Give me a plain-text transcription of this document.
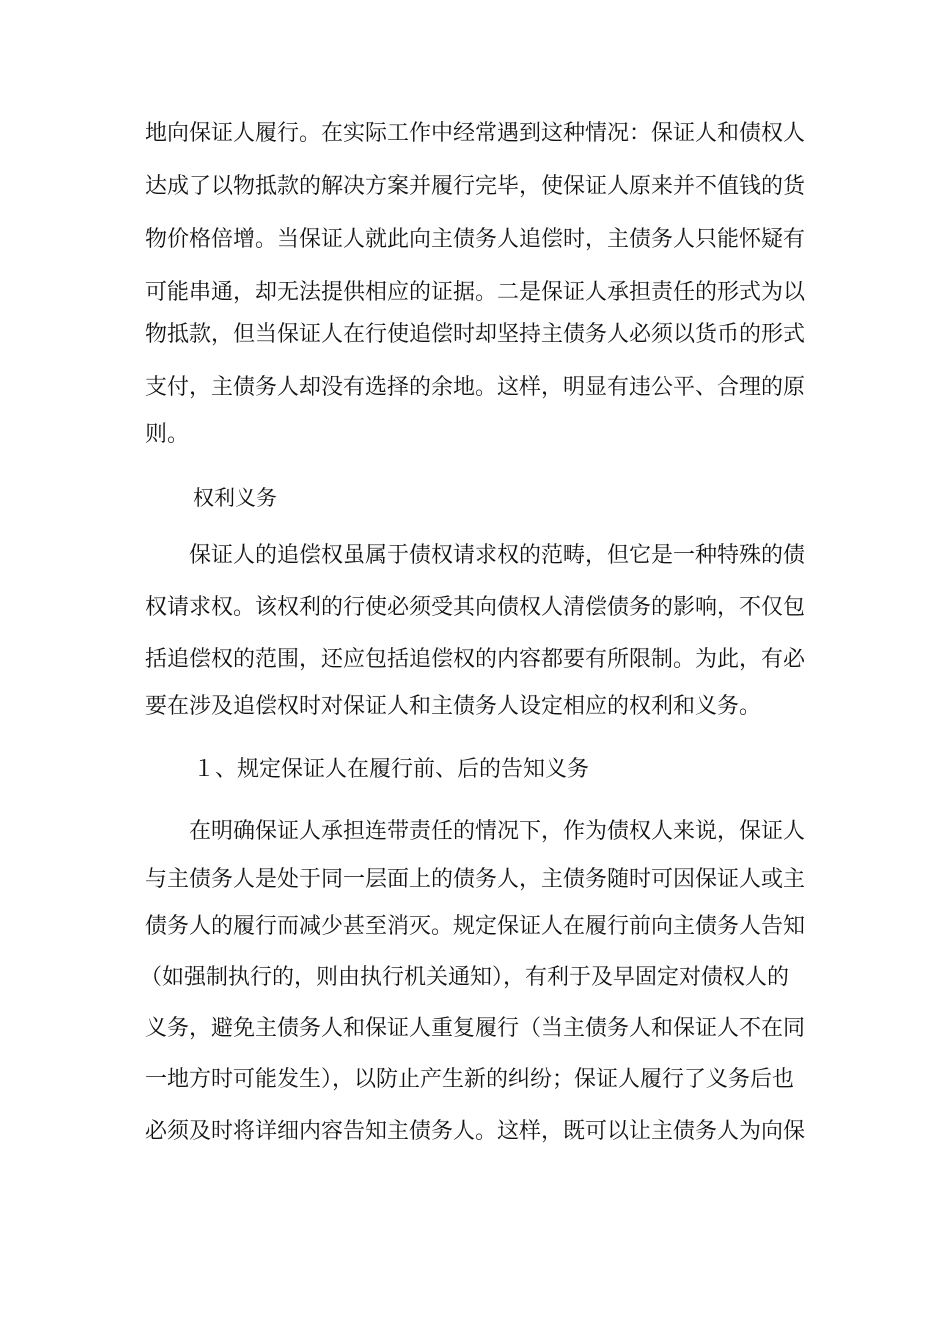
地向保证人履行。在实际工作中经常遇到这种情况：保证人和债权人

达成了以物抵款的解决方案并履行完毕，使保证人原来并不值钱的货

物价格倍增。当保证人就此向主债务人追偿时，主债务人只能怀疑有

可能串通，却无法提供相应的证据。二是保证人承担责任的形式为以

物抵款，但当保证人在行使追偿时却坚持主债务人必须以货币的形式

支付，主债务人却没有选择的余地。这样，明显有违公平、合理的原

则。

权利义务

保证人的追偿权虽属于债权请求权的范畴，但它是一种特殊的债

权请求权。该权利的行使必须受其向债权人清偿债务的影响，不仅包

括追偿权的范围，还应包括追偿权的内容都要有所限制。为此，有必

要在涉及追偿权时对保证人和主债务人设定相应的权利和义务。

１、规定保证人在履行前、后的告知义务

在明确保证人承担连带责任的情况下，作为债权人来说，保证人

与主债务人是处于同一层面上的债务人，主债务随时可因保证人或主

债务人的履行而减少甚至消灭。规定保证人在履行前向主债务人告知

（如强制执行的，则由执行机关通知），有利于及早固定对债权人的

义务，避免主债务人和保证人重复履行（当主债务人和保证人不在同

一地方时可能发生），以防止产生新的纠纷；保证人履行了义务后也

必须及时将详细内容告知主债务人。这样，既可以让主债务人为向保
